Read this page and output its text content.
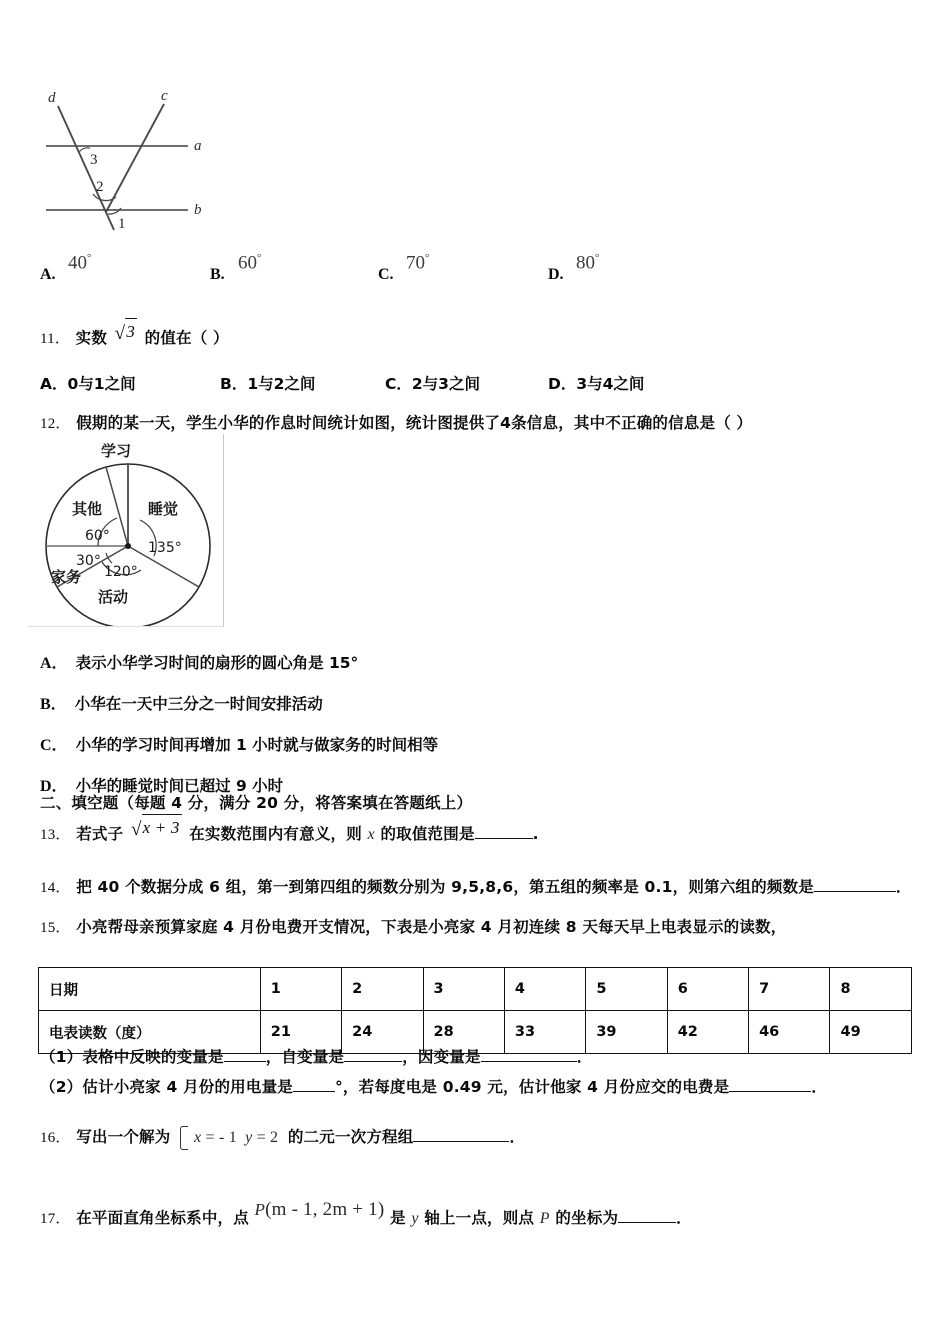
d	c
a
b
3
2
1
A.
40°
B.
60°
C.
70°
D.
80°
11． 实数 √3 的值在（ ）
A．0与1之间	B．1与2之间	C．2与3之间	D．3与4之间
12． 假期的某一天，学生小华的作息时间统计如图，统计图提供了4条信息，其中不正确的信息是（ ）
学习
睡觉
其他
家务
活动
135°
120°
30°
60°
A． 表示小华学习时间的扇形的圆心角是 15°
B． 小华在一天中三分之一时间安排活动
C． 小华的学习时间再增加 1 小时就与做家务的时间相等
D． 小华的睡觉时间已超过 9 小时
二、填空题（每题 4 分，满分 20 分，将答案填在答题纸上）
13． 若式子 √x + 3 在实数范围内有意义，则 x 的取值范围是	.
14． 把 40 个数据分成 6 组，第一到第四组的频数分别为 9,5,8,6，第五组的频率是 0.1，则第六组的频数是	．
15． 小亮帮母亲预算家庭 4 月份电费开支情况，下表是小亮家 4 月初连续 8 天每天早上电表显示的读数，
日期	1	2	3	4	5	6	7	8
电表读数（度）	21	24	28	33	39	42	46	49
（1）表格中反映的变量是	，自变量是	，因变量是	．
（2）估计小亮家 4 月份的用电量是	°，若每度电是 0.49 元，估计他家 4 月份应交的电费是	．
16． 写出一个解为 x = - 1 y = 2 的二元一次方程组	．
17． 在平面直角坐标系中，点 P(m - 1, 2m + 1) 是 y 轴上一点，则点 P 的坐标为	．
